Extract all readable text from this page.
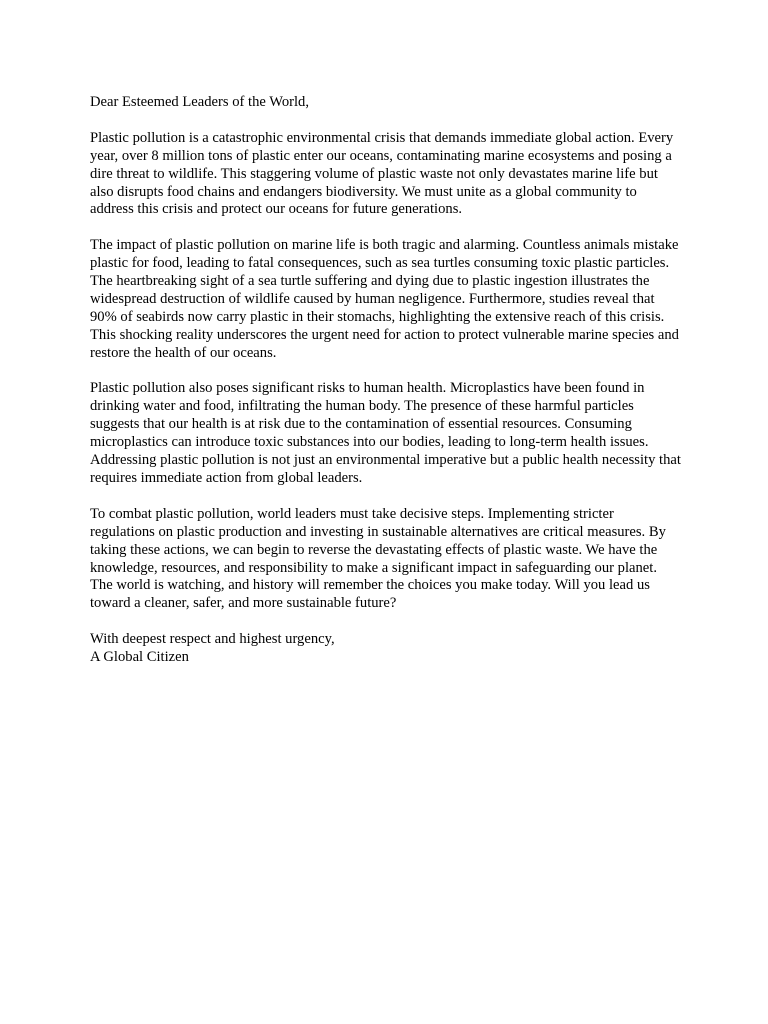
Dear Esteemed Leaders of the World,

Plastic pollution is a catastrophic environmental crisis that demands immediate global action. Every year, over 8 million tons of plastic enter our oceans, contaminating marine ecosystems and posing a dire threat to wildlife. This staggering volume of plastic waste not only devastates marine life but also disrupts food chains and endangers biodiversity. We must unite as a global community to address this crisis and protect our oceans for future generations.

The impact of plastic pollution on marine life is both tragic and alarming. Countless animals mistake plastic for food, leading to fatal consequences, such as sea turtles consuming toxic plastic particles. The heartbreaking sight of a sea turtle suffering and dying due to plastic ingestion illustrates the widespread destruction of wildlife caused by human negligence. Furthermore, studies reveal that 90% of seabirds now carry plastic in their stomachs, highlighting the extensive reach of this crisis. This shocking reality underscores the urgent need for action to protect vulnerable marine species and restore the health of our oceans.

Plastic pollution also poses significant risks to human health. Microplastics have been found in drinking water and food, infiltrating the human body. The presence of these harmful particles suggests that our health is at risk due to the contamination of essential resources. Consuming microplastics can introduce toxic substances into our bodies, leading to long-term health issues. Addressing plastic pollution is not just an environmental imperative but a public health necessity that requires immediate action from global leaders.

To combat plastic pollution, world leaders must take decisive steps. Implementing stricter regulations on plastic production and investing in sustainable alternatives are critical measures. By taking these actions, we can begin to reverse the devastating effects of plastic waste. We have the knowledge, resources, and responsibility to make a significant impact in safeguarding our planet. The world is watching, and history will remember the choices you make today. Will you lead us toward a cleaner, safer, and more sustainable future?

With deepest respect and highest urgency,
A Global Citizen
